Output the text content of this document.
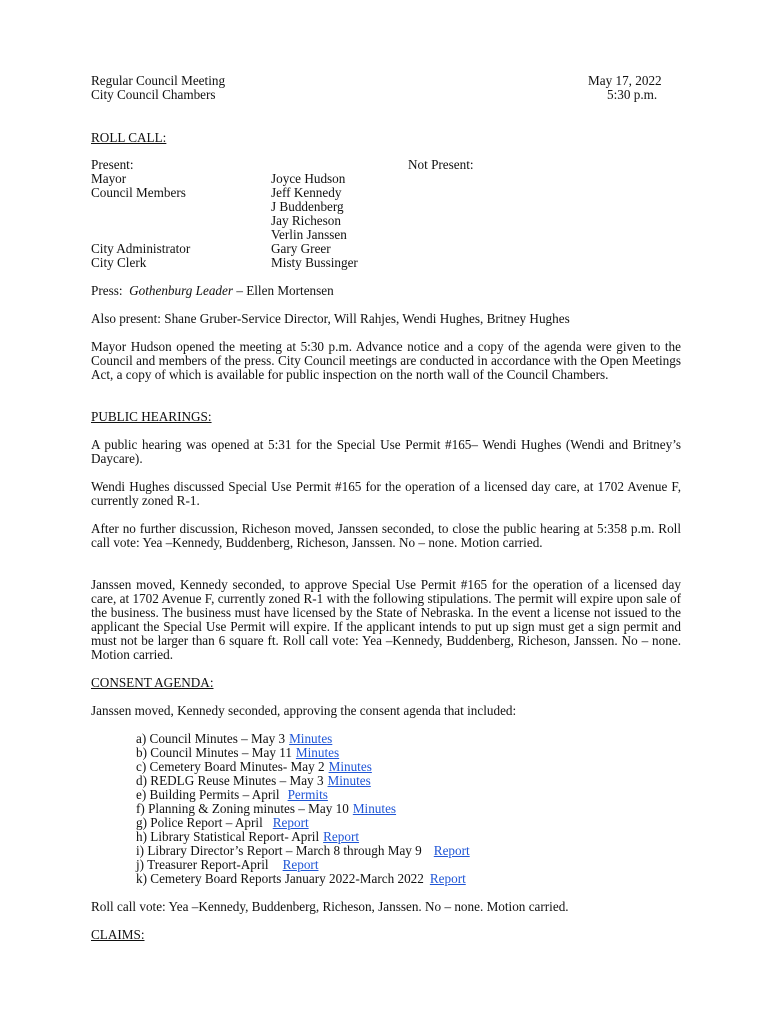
Regular Council Meeting
City Council Chambers
May 17, 2022
5:30 p.m.
ROLL CALL:
Present:	Not Present:
Mayor
Council Members
City Administrator
City Clerk
Joyce Hudson
Jeff Kennedy
J Buddenberg
Jay Richeson
Verlin Janssen
Gary Greer
Misty Bussinger
Press: Gothenburg Leader – Ellen Mortensen
Also present: Shane Gruber-Service Director, Will Rahjes, Wendi Hughes, Britney Hughes
Mayor Hudson opened the meeting at 5:30 p.m. Advance notice and a copy of the agenda were given to the Council and members of the press. City Council meetings are conducted in accordance with the Open Meetings Act, a copy of which is available for public inspection on the north wall of the Council Chambers.
PUBLIC HEARINGS:
A public hearing was opened at 5:31 for the Special Use Permit #165– Wendi Hughes (Wendi and Britney’s Daycare).
Wendi Hughes discussed Special Use Permit #165 for the operation of a licensed day care, at 1702 Avenue F, currently zoned R-1.
After no further discussion, Richeson moved, Janssen seconded, to close the public hearing at 5:358 p.m. Roll call vote: Yea –Kennedy, Buddenberg, Richeson, Janssen. No – none. Motion carried.
Janssen moved, Kennedy seconded, to approve Special Use Permit #165 for the operation of a licensed day care, at 1702 Avenue F, currently zoned R-1 with the following stipulations. The permit will expire upon sale of the business. The business must have licensed by the State of Nebraska. In the event a license not issued to the applicant the Special Use Permit will expire. If the applicant intends to put up sign must get a sign permit and must not be larger than 6 square ft. Roll call vote: Yea –Kennedy, Buddenberg, Richeson, Janssen. No – none. Motion carried.
CONSENT AGENDA:
Janssen moved, Kennedy seconded, approving the consent agenda that included:
a) Council Minutes – May 3 Minutes
b) Council Minutes – May 11 Minutes
c) Cemetery Board Minutes- May 2 Minutes
d) REDLG Reuse Minutes – May 3 Minutes
e) Building Permits – April Permits
f) Planning & Zoning minutes – May 10 Minutes
g) Police Report – April Report
h) Library Statistical Report- April Report
i) Library Director’s Report – March 8 through May 9 Report
j) Treasurer Report-April Report
k) Cemetery Board Reports January 2022-March 2022 Report
Roll call vote: Yea –Kennedy, Buddenberg, Richeson, Janssen. No – none. Motion carried.
CLAIMS:
